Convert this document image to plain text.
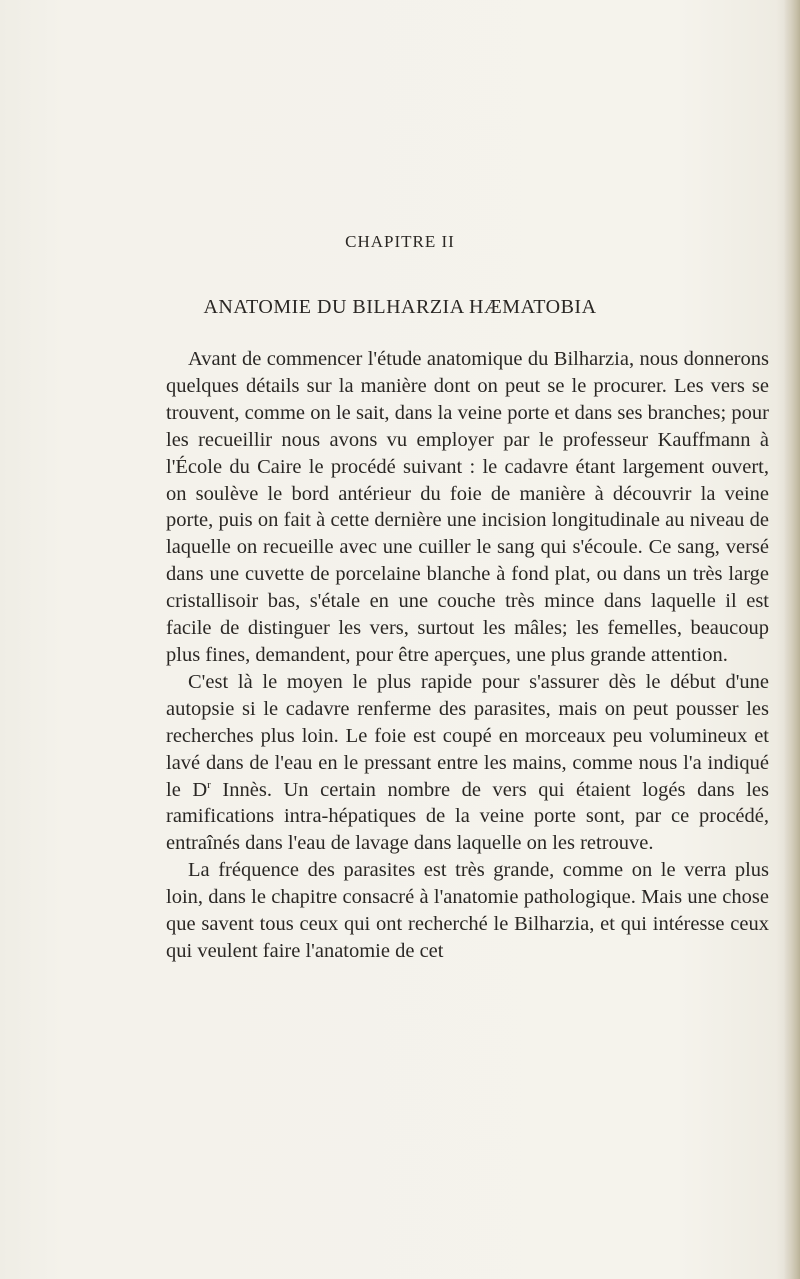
CHAPITRE II
ANATOMIE DU BILHARZIA HÆMATOBIA

Avant de commencer l'étude anatomique du Bilharzia, nous donnerons quelques détails sur la manière dont on peut se le procurer. Les vers se trouvent, comme on le sait, dans la veine porte et dans ses branches; pour les recueillir nous avons vu employer par le professeur Kauffmann à l'École du Caire le procédé suivant : le cadavre étant largement ouvert, on soulève le bord antérieur du foie de manière à découvrir la veine porte, puis on fait à cette dernière une incision longitudinale au niveau de laquelle on recueille avec une cuiller le sang qui s'écoule. Ce sang, versé dans une cuvette de porcelaine blanche à fond plat, ou dans un très large cristallisoir bas, s'étale en une couche très mince dans laquelle il est facile de distinguer les vers, surtout les mâles; les femelles, beaucoup plus fines, demandent, pour être aperçues, une plus grande attention.

C'est là le moyen le plus rapide pour s'assurer dès le début d'une autopsie si le cadavre renferme des parasites, mais on peut pousser les recherches plus loin. Le foie est coupé en morceaux peu volumineux et lavé dans de l'eau en le pressant entre les mains, comme nous l'a indiqué le $D^r$ Innès. Un certain nombre de vers qui étaient logés dans les ramifications intra-hépatiques de la veine porte sont, par ce procédé, entraînés dans l'eau de lavage dans laquelle on les retrouve.

La fréquence des parasites est très grande, comme on le verra plus loin, dans le chapitre consacré à l'anatomie pathologique. Mais une chose que savent tous ceux qui ont recherché le Bilharzia, et qui intéresse ceux qui veulent faire l'anatomie de cet
